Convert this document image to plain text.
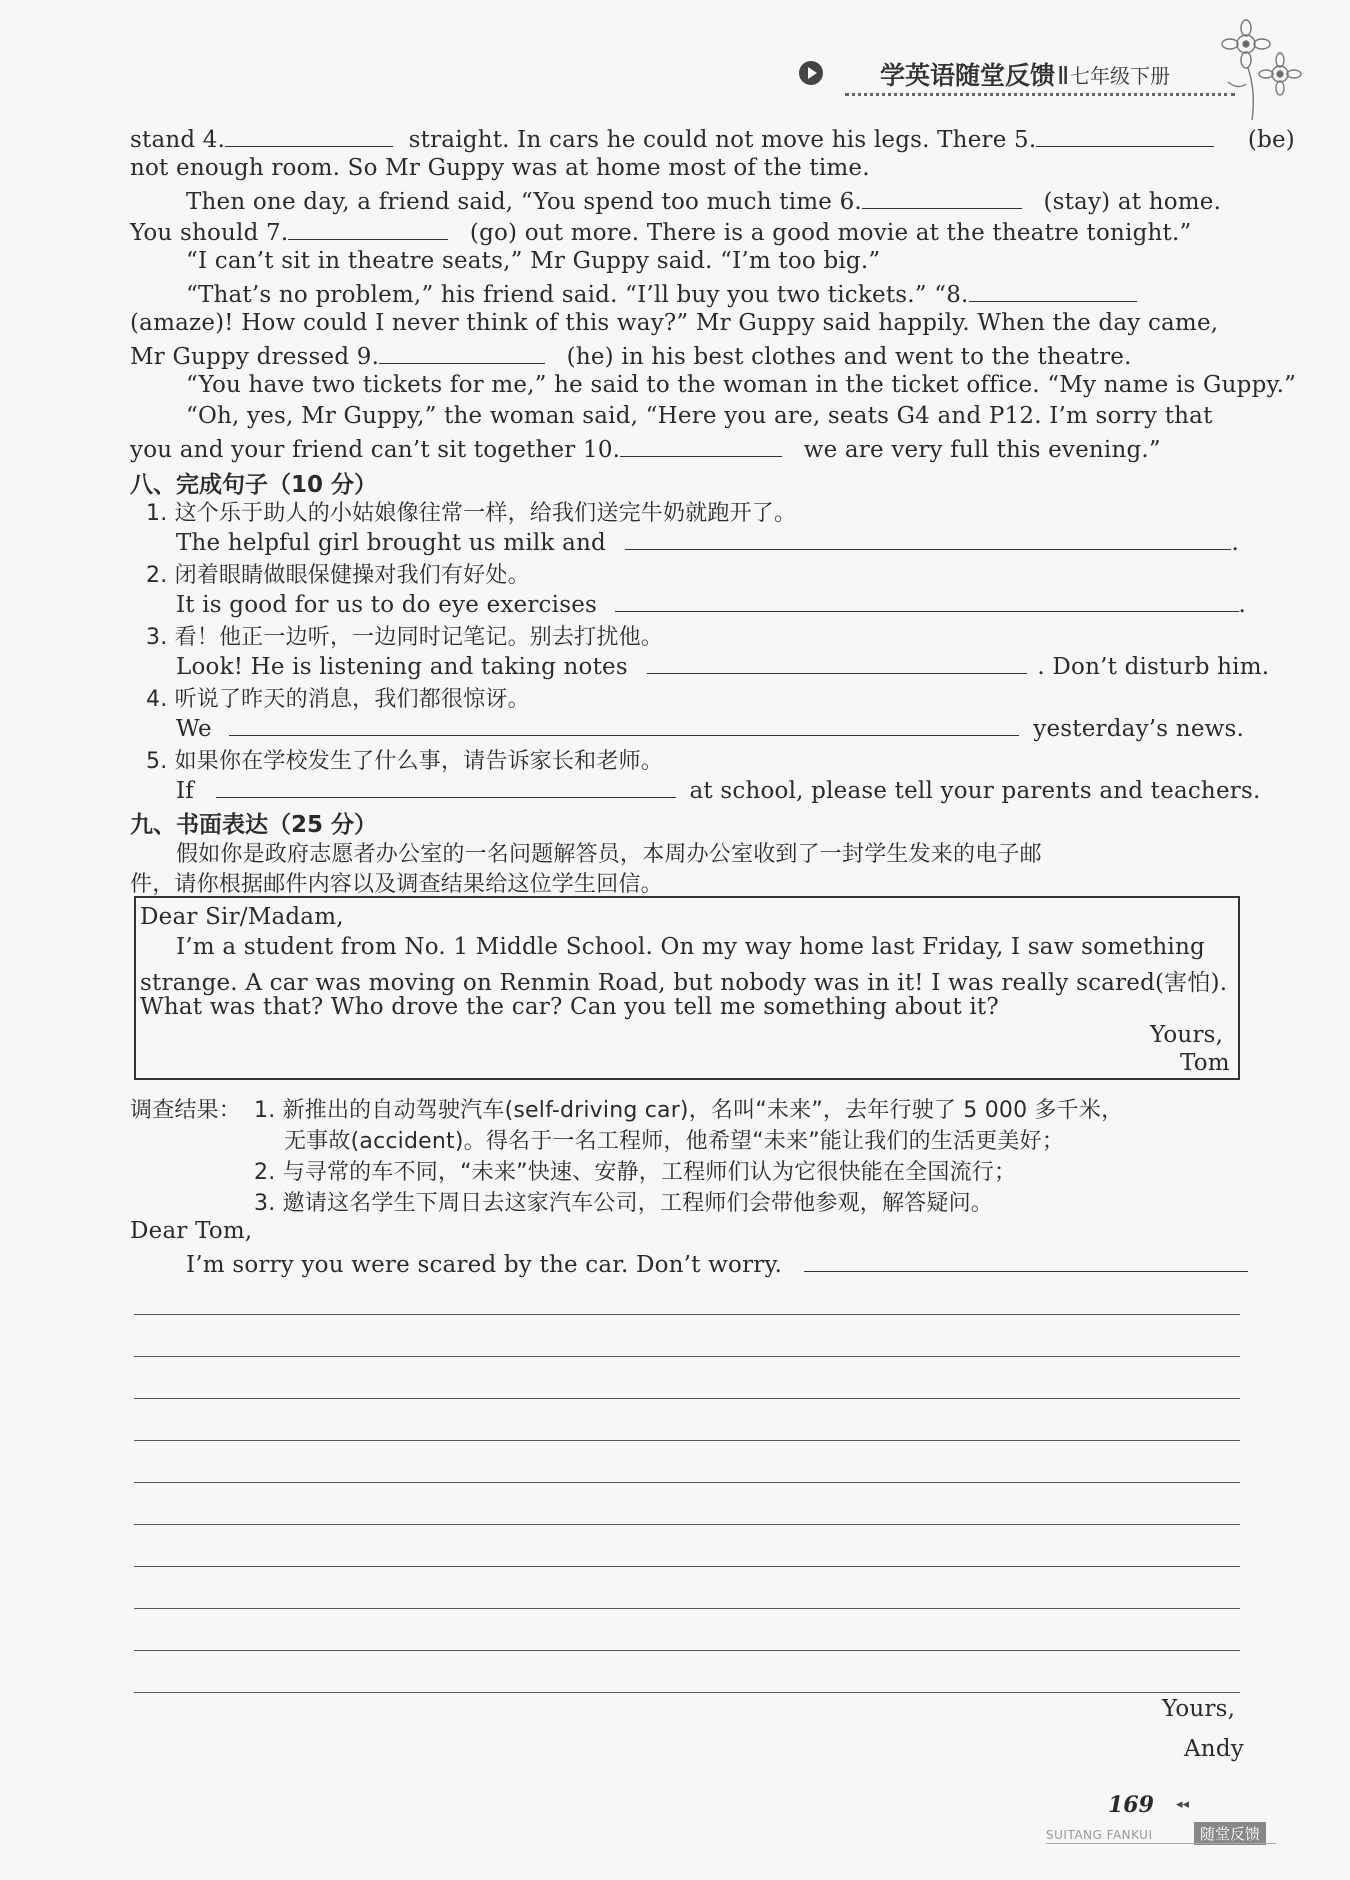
学英语随堂反馈Ⅱ 七年级下册
stand 4.	straight. In cars he could not move his legs. There 5.	(be)
not enough room. So Mr Guppy was at home most of the time.
Then one day, a friend said, “You spend too much time 6.	(stay) at home.
You should 7.	(go) out more. There is a good movie at the theatre tonight.”
“I can’t sit in theatre seats,” Mr Guppy said. “I’m too big.”
“That’s no problem,” his friend said. “I’ll buy you two tickets.” “8.
(amaze)! How could I never think of this way?” Mr Guppy said happily. When the day came,
Mr Guppy dressed 9.	(he) in his best clothes and went to the theatre.
“You have two tickets for me,” he said to the woman in the ticket office. “My name is Guppy.”
“Oh, yes, Mr Guppy,” the woman said, “Here you are, seats G4 and P12. I’m sorry that
you and your friend can’t sit together 10.	we are very full this evening.”
八、完成句子（10 分）
1. 这个乐于助人的小姑娘像往常一样，给我们送完牛奶就跑开了。
The helpful girl brought us milk and	.
2. 闭着眼睛做眼保健操对我们有好处。
It is good for us to do eye exercises	.
3. 看！他正一边听，一边同时记笔记。别去打扰他。
Look! He is listening and taking notes	. Don’t disturb him.
4. 听说了昨天的消息，我们都很惊讶。
We	yesterday’s news.
5. 如果你在学校发生了什么事，请告诉家长和老师。
If	at school, please tell your parents and teachers.
九、书面表达（25 分）
假如你是政府志愿者办公室的一名问题解答员，本周办公室收到了一封学生发来的电子邮
件，请你根据邮件内容以及调查结果给这位学生回信。
Dear Sir/Madam,
I’m a student from No. 1 Middle School. On my way home last Friday, I saw something
strange. A car was moving on Renmin Road, but nobody was in it! I was really scared(害怕).
What was that? Who drove the car? Can you tell me something about it?
Yours,
Tom
调查结果： 1. 新推出的自动驾驶汽车(self-driving car)，名叫“未来”，去年行驶了 5 000 多千米，
无事故(accident)。得名于一名工程师，他希望“未来”能让我们的生活更美好；
2. 与寻常的车不同，“未来”快速、安静，工程师们认为它很快能在全国流行；
3. 邀请这名学生下周日去这家汽车公司，工程师们会带他参观，解答疑问。
Dear Tom,
I’m sorry you were scared by the car. Don’t worry.
Yours,
Andy
169 ◂◂
SUITANG FANKUI	随堂反馈
